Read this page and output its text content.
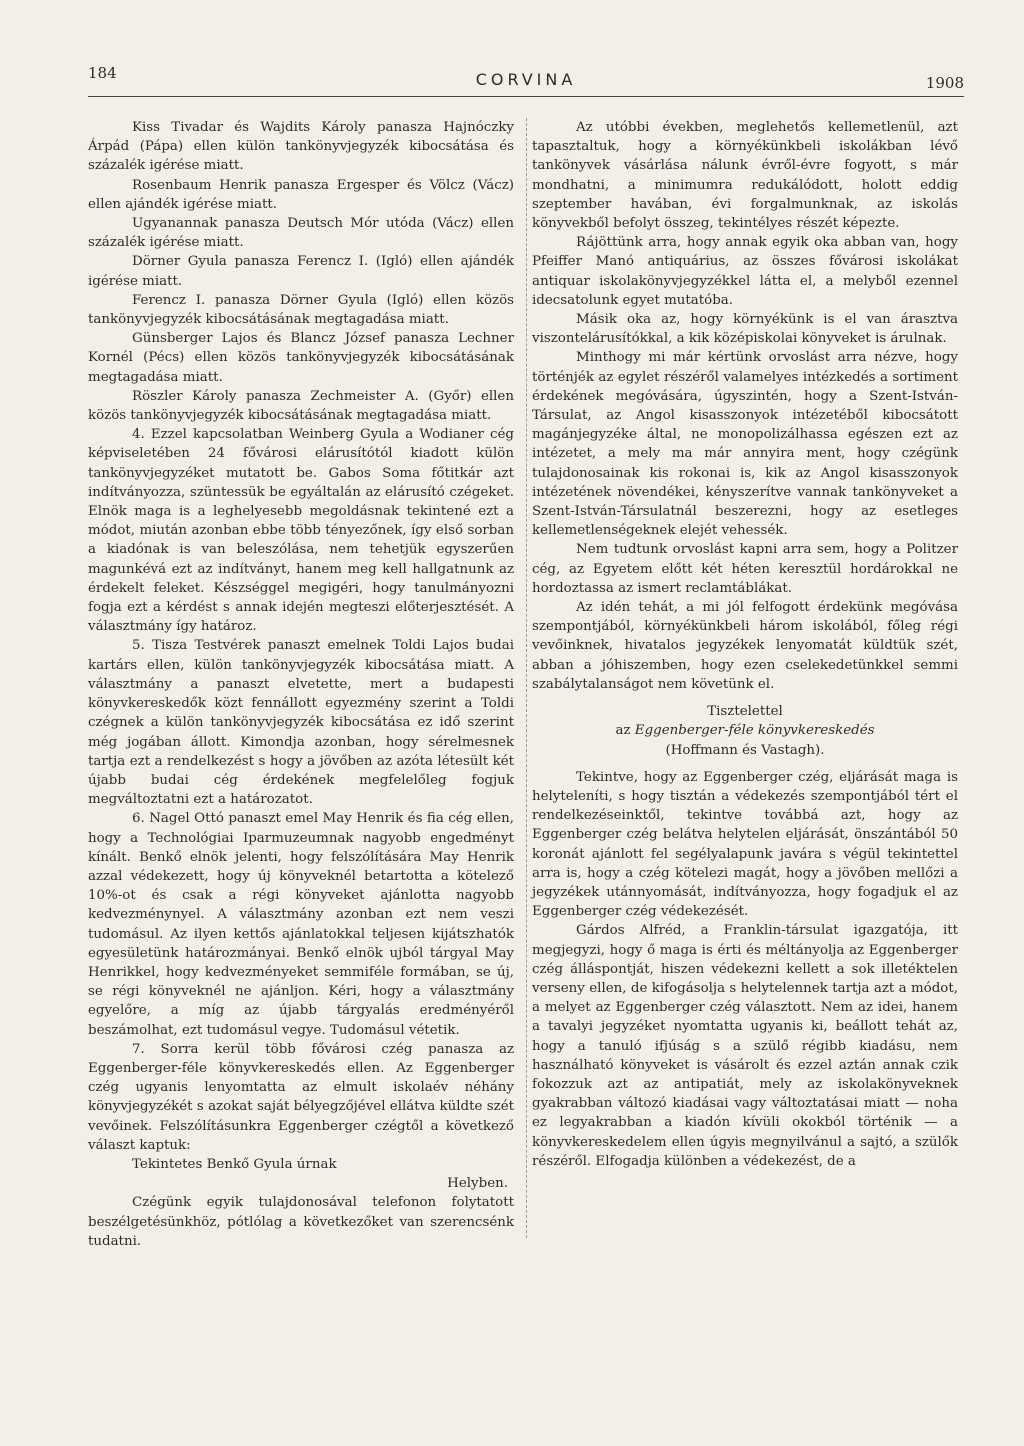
184	CORVINA	1908

Kiss Tivadar és Wajdits Károly panasza Hajnóczky Árpád (Pápa) ellen külön tankönyvjegyzék kibocsátása és százalék igérése miatt.

Rosenbaum Henrik panasza Ergesper és Völcz (Vácz) ellen ajándék igérése miatt.

Ugyanannak panasza Deutsch Mór utóda (Vácz) ellen százalék igérése miatt.

Dörner Gyula panasza Ferencz I. (Igló) ellen ajándék igérése miatt.

Ferencz I. panasza Dörner Gyula (Igló) ellen közös tankönyvjegyzék kibocsátásának megtagadása miatt.

Günsberger Lajos és Blancz József panasza Lechner Kornél (Pécs) ellen közös tankönyvjegyzék kibocsátásának megtagadása miatt.

Röszler Károly panasza Zechmeister A. (Győr) ellen közös tankönyvjegyzék kibocsátásának megtagadása miatt.

4. Ezzel kapcsolatban Weinberg Gyula a Wodianer cég képviseletében 24 fővárosi elárusítótól kiadott külön tankönyvjegyzéket mutatott be. Gabos Soma főtitkár azt indítványozza, szüntessük be egyáltalán az elárusító czégeket. Elnök maga is a leghelyesebb megoldásnak tekintené ezt a módot, miután azonban ebbe több tényezőnek, így első sorban a kiadónak is van beleszólása, nem tehetjük egyszerűen magunkévá ezt az indítványt, hanem meg kell hallgatnunk az érdekelt feleket. Készséggel megigéri, hogy tanulmányozni fogja ezt a kérdést s annak idején megteszi előterjesztését. A választmány így határoz.

5. Tisza Testvérek panaszt emelnek Toldi Lajos budai kartárs ellen, külön tankönyvjegyzék kibocsátása miatt. A választmány a panaszt elvetette, mert a budapesti könyvkereskedők közt fennállott egyezmény szerint a Toldi czégnek a külön tankönyvjegyzék kibocsátása ez idő szerint még jogában állott. Kimondja azonban, hogy sérelmesnek tartja ezt a rendelkezést s hogy a jövőben az azóta létesült két újabb budai cég érdekének megfelelőleg fogjuk megváltoztatni ezt a határozatot.

6. Nagel Ottó panaszt emel May Henrik és fia cég ellen, hogy a Technológiai Iparmuzeumnak nagyobb engedményt kínált. Benkő elnök jelenti, hogy felszólítására May Henrik azzal védekezett, hogy új könyveknél betartotta a kötelező 10%-ot és csak a régi könyveket ajánlotta nagyobb kedvezménynyel. A választmány azonban ezt nem veszi tudomásul. Az ilyen kettős ajánlatokkal teljesen kijátszhatók egyesületünk határozmányai. Benkő elnök ujból tárgyal May Henrikkel, hogy kedvezményeket semmiféle formában, se új, se régi könyveknél ne ajánljon. Kéri, hogy a választmány egyelőre, a míg az újabb tárgyalás eredményéről beszámolhat, ezt tudomásul vegye. Tudomásul vétetik.

7. Sorra kerül több fővárosi czég panasza az Eggenberger-féle könyvkereskedés ellen. Az Eggenberger czég ugyanis lenyomtatta az elmult iskolaév néhány könyvjegyzékét s azokat saját bélyegzőjével ellátva küldte szét vevőinek. Felszólításunkra Eggenberger czégtől a következő választ kaptuk:

Tekintetes Benkő Gyula úrnak

Helyben.

Czégünk egyik tulajdonosával telefonon folytatott beszélgetésünkhöz, pótlólag a következőket van szerencsénk tudatni.

Az utóbbi években, meglehetős kellemetlenül, azt tapasztaltuk, hogy a környékünkbeli iskolákban lévő tankönyvek vásárlása nálunk évről-évre fogyott, s már mondhatni, a minimumra redukálódott, holott eddig szeptember havában, évi forgalmunknak, az iskolás könyvekből befolyt összeg, tekintélyes részét képezte.

Rájöttünk arra, hogy annak egyik oka abban van, hogy Pfeiffer Manó antiquárius, az összes fővárosi iskolákat antiquar iskolakönyvjegyzékkel látta el, a melyből ezennel idecsatolunk egyet mutatóba.

Másik oka az, hogy környékünk is el van árasztva viszontelárusítókkal, a kik középiskolai könyveket is árulnak.

Minthogy mi már kértünk orvoslást arra nézve, hogy történjék az egylet részéről valamelyes intézkedés a sortiment érdekének megóvására, úgyszintén, hogy a Szent-István-Társulat, az Angol kisasszonyok intézetéből kibocsátott magánjegyzéke által, ne monopolizálhassa egészen ezt az intézetet, a mely ma már annyira ment, hogy czégünk tulajdonosainak kis rokonai is, kik az Angol kisasszonyok intézetének növendékei, kényszerítve vannak tankönyveket a Szent-István-Társulatnál beszerezni, hogy az esetleges kellemetlenségeknek elejét vehessék.

Nem tudtunk orvoslást kapni arra sem, hogy a Politzer cég, az Egyetem előtt két héten keresztül hordárokkal ne hordoztassa az ismert reclamtáblákat.

Az idén tehát, a mi jól felfogott érdekünk megóvása szempontjából, környékünkbeli három iskolából, főleg régi vevőinknek, hivatalos jegyzékek lenyomatát küldtük szét, abban a jóhiszemben, hogy ezen cselekedetünkkel semmi szabálytalanságot nem követünk el.

Tisztelettel

az Eggenberger-féle könyvkereskedés

(Hoffmann és Vastagh).

Tekintve, hogy az Eggenberger czég, eljárását maga is helyteleníti, s hogy tisztán a védekezés szempontjából tért el rendelkezéseinktől, tekintve továbbá azt, hogy az Eggenberger czég belátva helytelen eljárását, önszántából 50 koronát ajánlott fel segélyalapunk javára s végül tekintettel arra is, hogy a czég kötelezi magát, hogy a jövőben mellőzi a jegyzékek utánnyomását, indítványozza, hogy fogadjuk el az Eggenberger czég védekezését.

Gárdos Alfréd, a Franklin-társulat igazgatója, itt megjegyzi, hogy ő maga is érti és méltányolja az Eggenberger czég álláspontját, hiszen védekezni kellett a sok illetéktelen verseny ellen, de kifogásolja s helytelennek tartja azt a módot, a melyet az Eggenberger czég választott. Nem az idei, hanem a tavalyi jegyzéket nyomtatta ugyanis ki, beállott tehát az, hogy a tanuló ifjúság s a szülő régibb kiadásu, nem használható könyveket is vásárolt és ezzel aztán annak czik fokozzuk azt az antipatiát, mely az iskolakönyveknek gyakrabban változó kiadásai vagy változtatásai miatt — noha ez legyakrabban a kiadón kívüli okokból történik — a könyvkereskedelem ellen úgyis megnyilvánul a sajtó, a szülők részéről. Elfogadja különben a védekezést, de a
